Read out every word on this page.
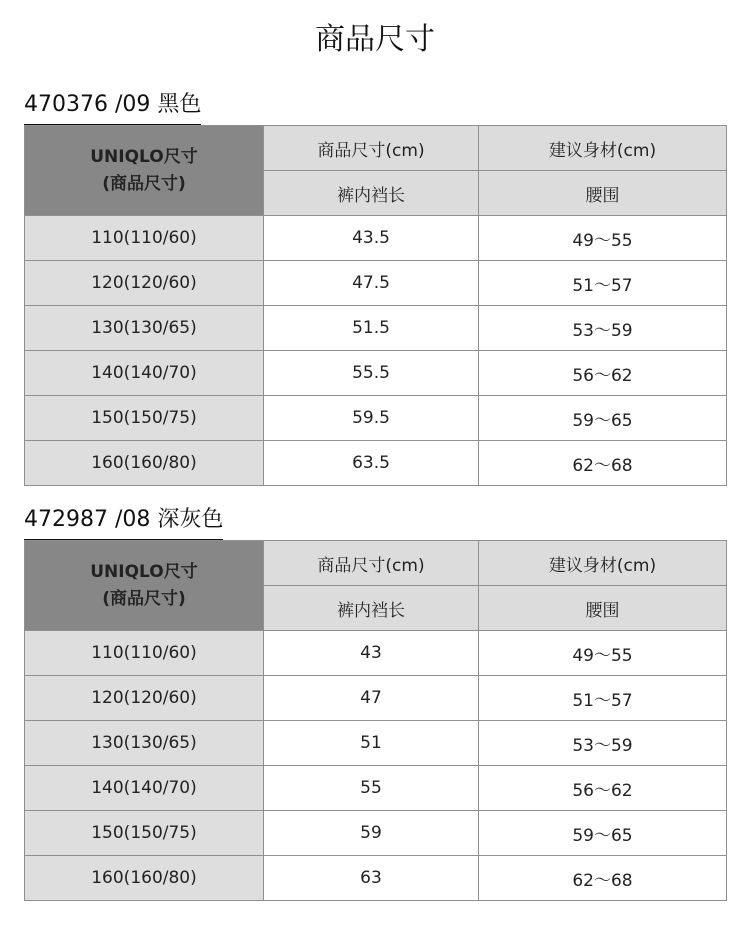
商品尺寸
470376 /09 黑色
UNIQLO尺寸
(商品尺寸)	商品尺寸(cm)	建议身材(cm)
	裤内裆长	腰围
110(110/60)	43.5	49～55
120(120/60)	47.5	51～57
130(130/65)	51.5	53～59
140(140/70)	55.5	56～62
150(150/75)	59.5	59～65
160(160/80)	63.5	62～68
472987 /08 深灰色
UNIQLO尺寸
(商品尺寸)	商品尺寸(cm)	建议身材(cm)
	裤内裆长	腰围
110(110/60)	43	49～55
120(120/60)	47	51～57
130(130/65)	51	53～59
140(140/70)	55	56～62
150(150/75)	59	59～65
160(160/80)	63	62～68
